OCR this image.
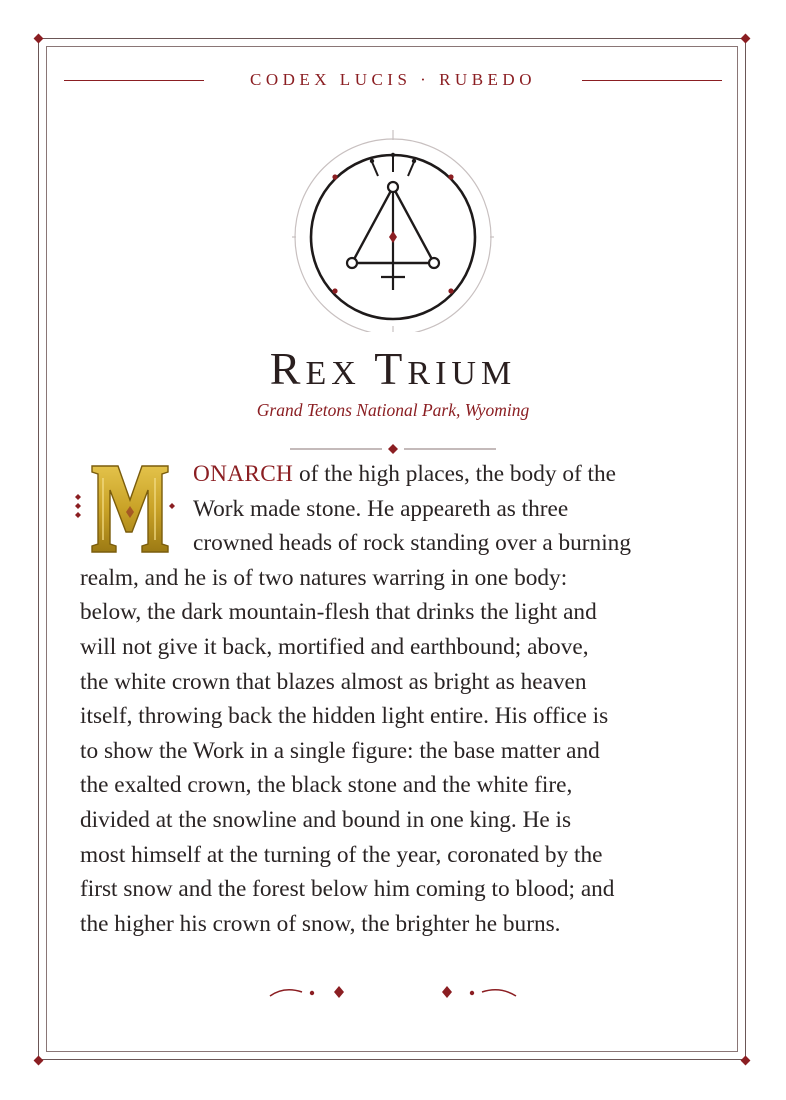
CODEX LUCIS · RUBEDO
REX TRIUM
Grand Tetons National Park, Wyoming
ONARCH of the high places, the body of the
Work made stone. He appeareth as three
crowned heads of rock standing over a burning
realm, and he is of two natures warring in one body:
below, the dark mountain-flesh that drinks the light and
will not give it back, mortified and earthbound; above,
the white crown that blazes almost as bright as heaven
itself, throwing back the hidden light entire. His office is
to show the Work in a single figure: the base matter and
the exalted crown, the black stone and the white fire,
divided at the snowline and bound in one king. He is
most himself at the turning of the year, coronated by the
first snow and the forest below him coming to blood; and
the higher his crown of snow, the brighter he burns.
